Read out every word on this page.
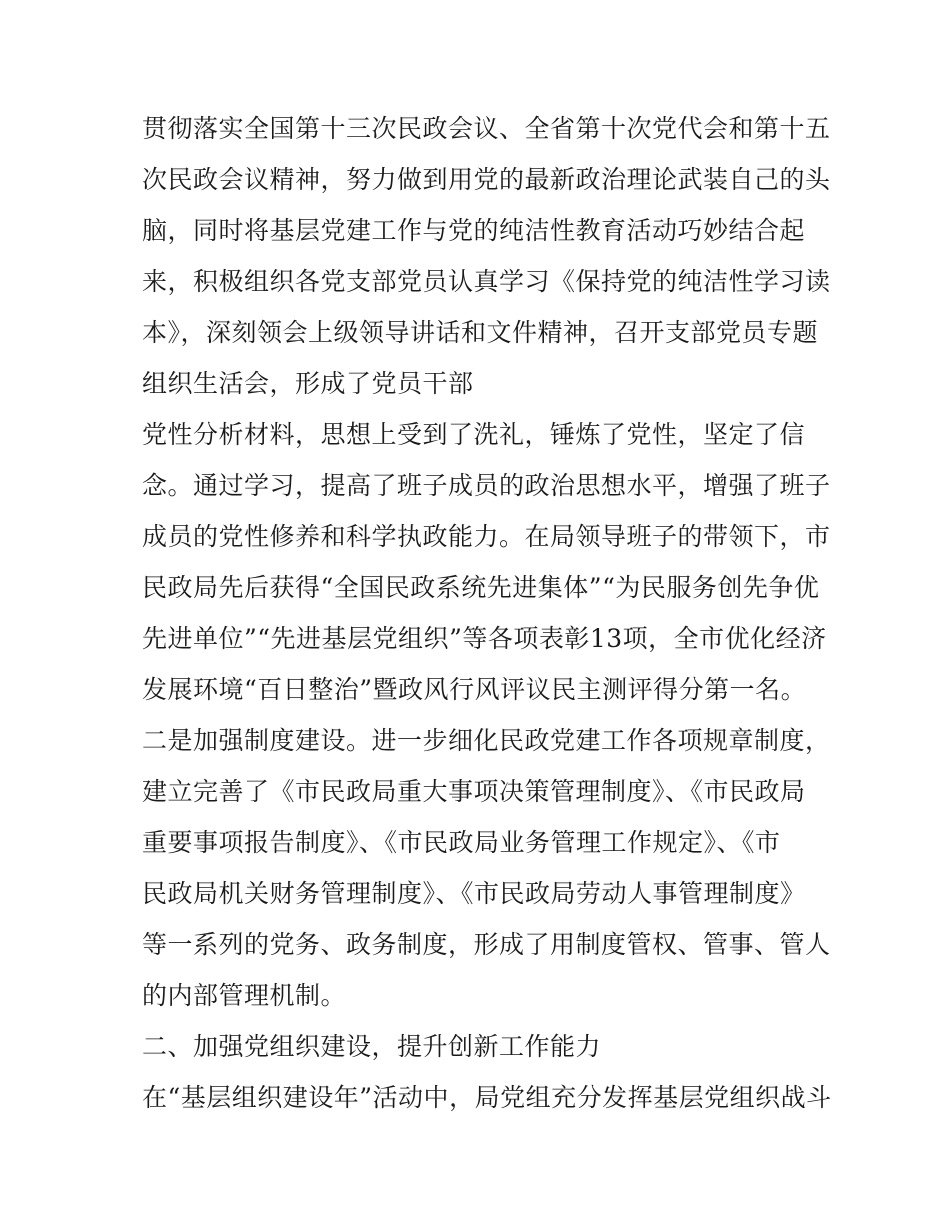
贯彻落实全国第十三次民政会议、全省第十次党代会和第十五
次民政会议精神，努力做到用党的最新政治理论武装自己的头
脑，同时将基层党建工作与党的纯洁性教育活动巧妙结合起
来，积极组织各党支部党员认真学习《保持党的纯洁性学习读
本》，深刻领会上级领导讲话和文件精神，召开支部党员专题
组织生活会，形成了党员干部
党性分析材料，思想上受到了洗礼，锤炼了党性，坚定了信
念。通过学习，提高了班子成员的政治思想水平，增强了班子
成员的党性修养和科学执政能力。在局领导班子的带领下，市
民政局先后获得“全国民政系统先进集体”“为民服务创先争优
先进单位”“先进基层党组织”等各项表彰13项，全市优化经济
发展环境“百日整治”暨政风行风评议民主测评得分第一名。
二是加强制度建设。进一步细化民政党建工作各项规章制度，
建立完善了《市民政局重大事项决策管理制度》、《市民政局
重要事项报告制度》、《市民政局业务管理工作规定》、《市
民政局机关财务管理制度》、《市民政局劳动人事管理制度》
等一系列的党务、政务制度，形成了用制度管权、管事、管人
的内部管理机制。
二、加强党组织建设，提升创新工作能力
在“基层组织建设年”活动中，局党组充分发挥基层党组织战斗
